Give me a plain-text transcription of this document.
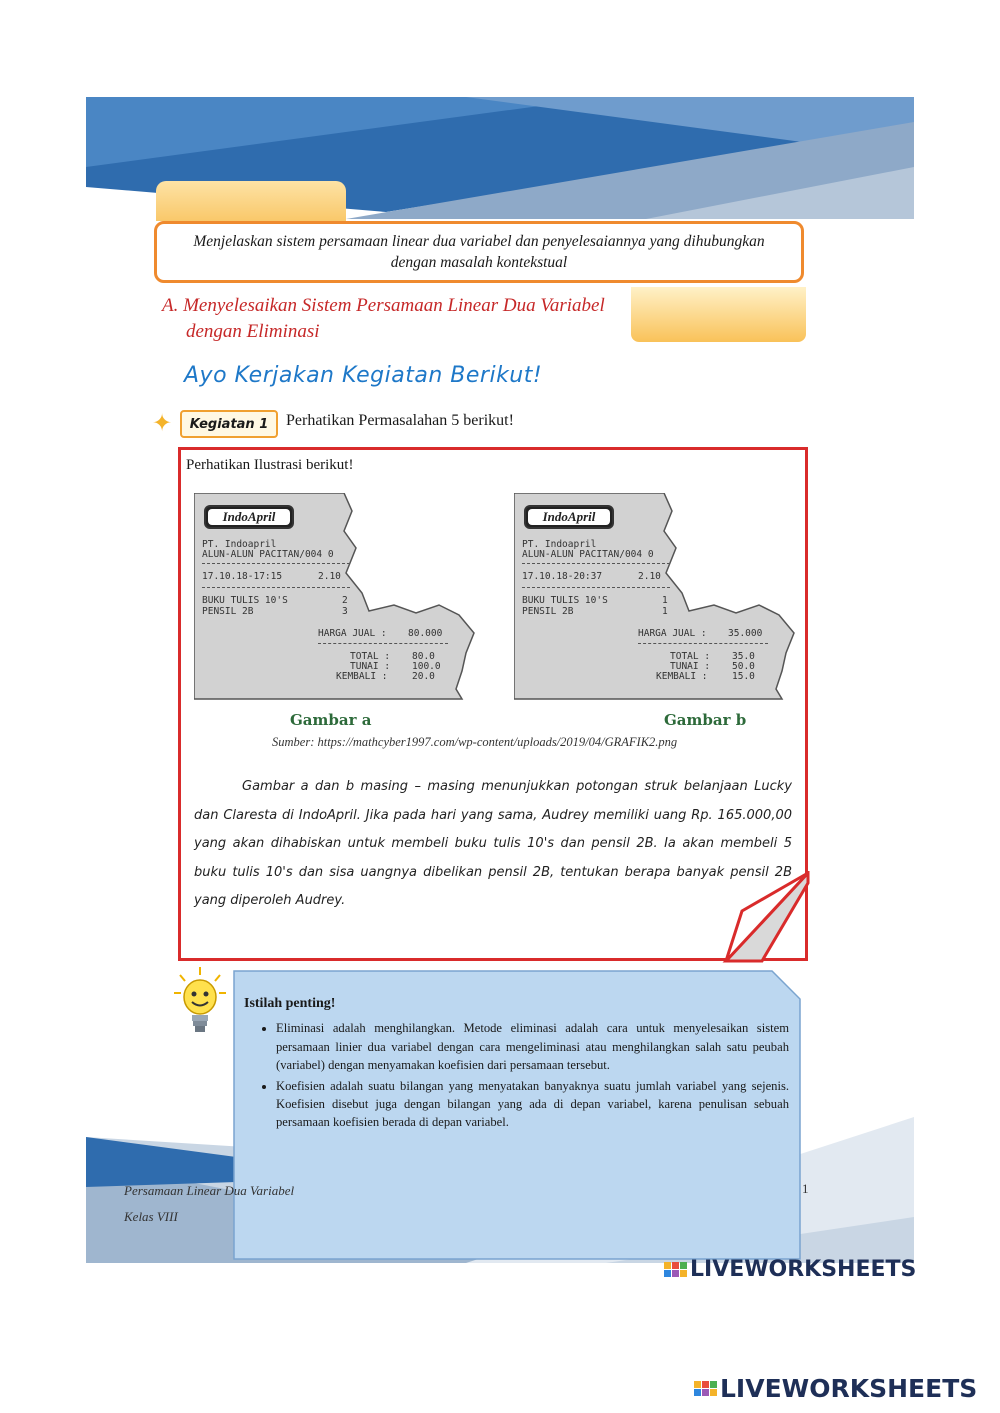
Menjelaskan sistem persamaan linear dua variabel dan penyelesaiannya yang dihubungkan dengan masalah kontekstual
A. Menyelesaikan Sistem Persamaan Linear Dua Variabel
dengan Eliminasi
Ayo Kerjakan Kegiatan Berikut!
✦	Kegiatan 1	Perhatikan Permasalahan 5 berikut!
Perhatikan Ilustrasi berikut!
IndoApril
PT. Indoapril
ALUN-ALUN PACITAN/004 0
17.10.18-17:15	2.10
BUKU TULIS 10'S	2
PENSIL 2B	3
HARGA JUAL : 80.000
TOTAL : 80.0
TUNAI : 100.0
KEMBALI :	20.0
Gambar a
IndoApril
PT. Indoapril
ALUN-ALUN PACITAN/004 0
17.10.18-20:37	2.10
BUKU TULIS 10'S	1
PENSIL 2B	1
HARGA JUAL : 35.000
TOTAL : 35.0
TUNAI : 50.0
KEMBALI :	15.0
Gambar b
Sumber: https://mathcyber1997.com/wp-content/uploads/2019/04/GRAFIK2.png
Gambar a dan b masing – masing menunjukkan potongan struk belanjaan Lucky dan Claresta di IndoApril. Jika pada hari yang sama, Audrey memiliki uang Rp. 165.000,00 yang akan dihabiskan untuk membeli buku tulis 10's dan pensil 2B. Ia akan membeli 5 buku tulis 10's dan sisa uangnya dibelikan pensil 2B, tentukan berapa banyak pensil 2B yang diperoleh Audrey.
Istilah penting!
• Eliminasi adalah menghilangkan. Metode eliminasi adalah cara untuk menyelesaikan sistem persamaan linier dua variabel dengan cara mengeliminasi atau menghilangkan salah satu peubah (variabel) dengan menyamakan koefisien dari persamaan tersebut.
• Koefisien adalah suatu bilangan yang menyatakan banyaknya suatu jumlah variabel yang sejenis. Koefisien disebut juga dengan bilangan yang ada di depan variabel, karena penulisan sebuah persamaan koefisien berada di depan variabel.
Persamaan Linear Dua Variabel
Kelas VIII
1
LIVEWORKSHEETS
LIVEWORKSHEETS
